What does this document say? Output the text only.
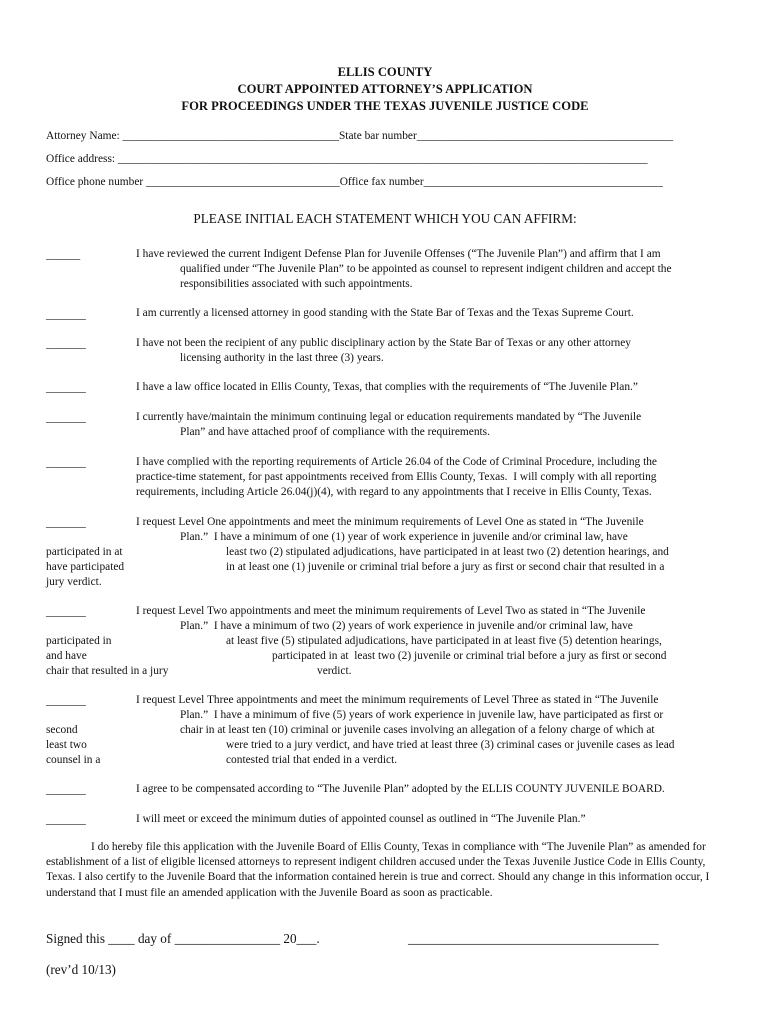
ELLIS COUNTY
COURT APPOINTED ATTORNEY’S APPLICATION
FOR PROCEEDINGS UNDER THE TEXAS JUVENILE JUSTICE CODE
Attorney Name: ______________________________________State bar number_____________________________________________
Office address: _____________________________________________________________________________________________
Office phone number __________________________________Office fax number__________________________________________
PLEASE INITIAL EACH STATEMENT WHICH YOU CAN AFFIRM:
______	I have reviewed the current Indigent Defense Plan for Juvenile Offenses (“The Juvenile Plan”) and affirm that I am
qualified under “The Juvenile Plan” to be appointed as counsel to represent indigent children and accept the
responsibilities associated with such appointments.
_______	I am currently a licensed attorney in good standing with the State Bar of Texas and the Texas Supreme Court.
_______	I have not been the recipient of any public disciplinary action by the State Bar of Texas or any other attorney
licensing authority in the last three (3) years.
_______	I have a law office located in Ellis County, Texas, that complies with the requirements of “The Juvenile Plan.”
_______	I currently have/maintain the minimum continuing legal or education requirements mandated by “The Juvenile
Plan” and have attached proof of compliance with the requirements.
_______	I have complied with the reporting requirements of Article 26.04 of the Code of Criminal Procedure, including the
practice-time statement, for past appointments received from Ellis County, Texas.  I will comply with all reporting
requirements, including Article 26.04(j)(4), with regard to any appointments that I receive in Ellis County, Texas.
_______	I request Level One appointments and meet the minimum requirements of Level One as stated in “The Juvenile
Plan.”  I have a minimum of one (1) year of work experience in juvenile and/or criminal law, have
participated in at	least two (2) stipulated adjudications, have participated in at least two (2) detention hearings, and
have participated	in at least one (1) juvenile or criminal trial before a jury as first or second chair that resulted in a
jury verdict.
_______	I request Level Two appointments and meet the minimum requirements of Level Two as stated in “The Juvenile
Plan.”  I have a minimum of two (2) years of work experience in juvenile and/or criminal law, have
participated in	at least five (5) stipulated adjudications, have participated in at least five (5) detention hearings,
and have	participated in at  least two (2) juvenile or criminal trial before a jury as first or second
chair that resulted in a jury	verdict.
_______	I request Level Three appointments and meet the minimum requirements of Level Three as stated in “The Juvenile
Plan.”  I have a minimum of five (5) years of work experience in juvenile law, have participated as first or
second	chair in at least ten (10) criminal or juvenile cases involving an allegation of a felony charge of which at
least two	were tried to a jury verdict, and have tried at least three (3) criminal cases or juvenile cases as lead
counsel in a	contested trial that ended in a verdict.
_______	I agree to be compensated according to “The Juvenile Plan” adopted by the ELLIS COUNTY JUVENILE BOARD.
_______	I will meet or exceed the minimum duties of appointed counsel as outlined in “The Juvenile Plan.”
I do hereby file this application with the Juvenile Board of Ellis County, Texas in compliance with “The Juvenile Plan” as amended for establishment of a list of eligible licensed attorneys to represent indigent children accused under the Texas Juvenile Justice Code in Ellis County, Texas. I also certify to the Juvenile Board that the information contained herein is true and correct. Should any change in this information occur, I understand that I must file an amended application with the Juvenile Board as soon as practicable.
Signed this ____ day of ________________ 20___.	______________________________________
(rev’d 10/13)
